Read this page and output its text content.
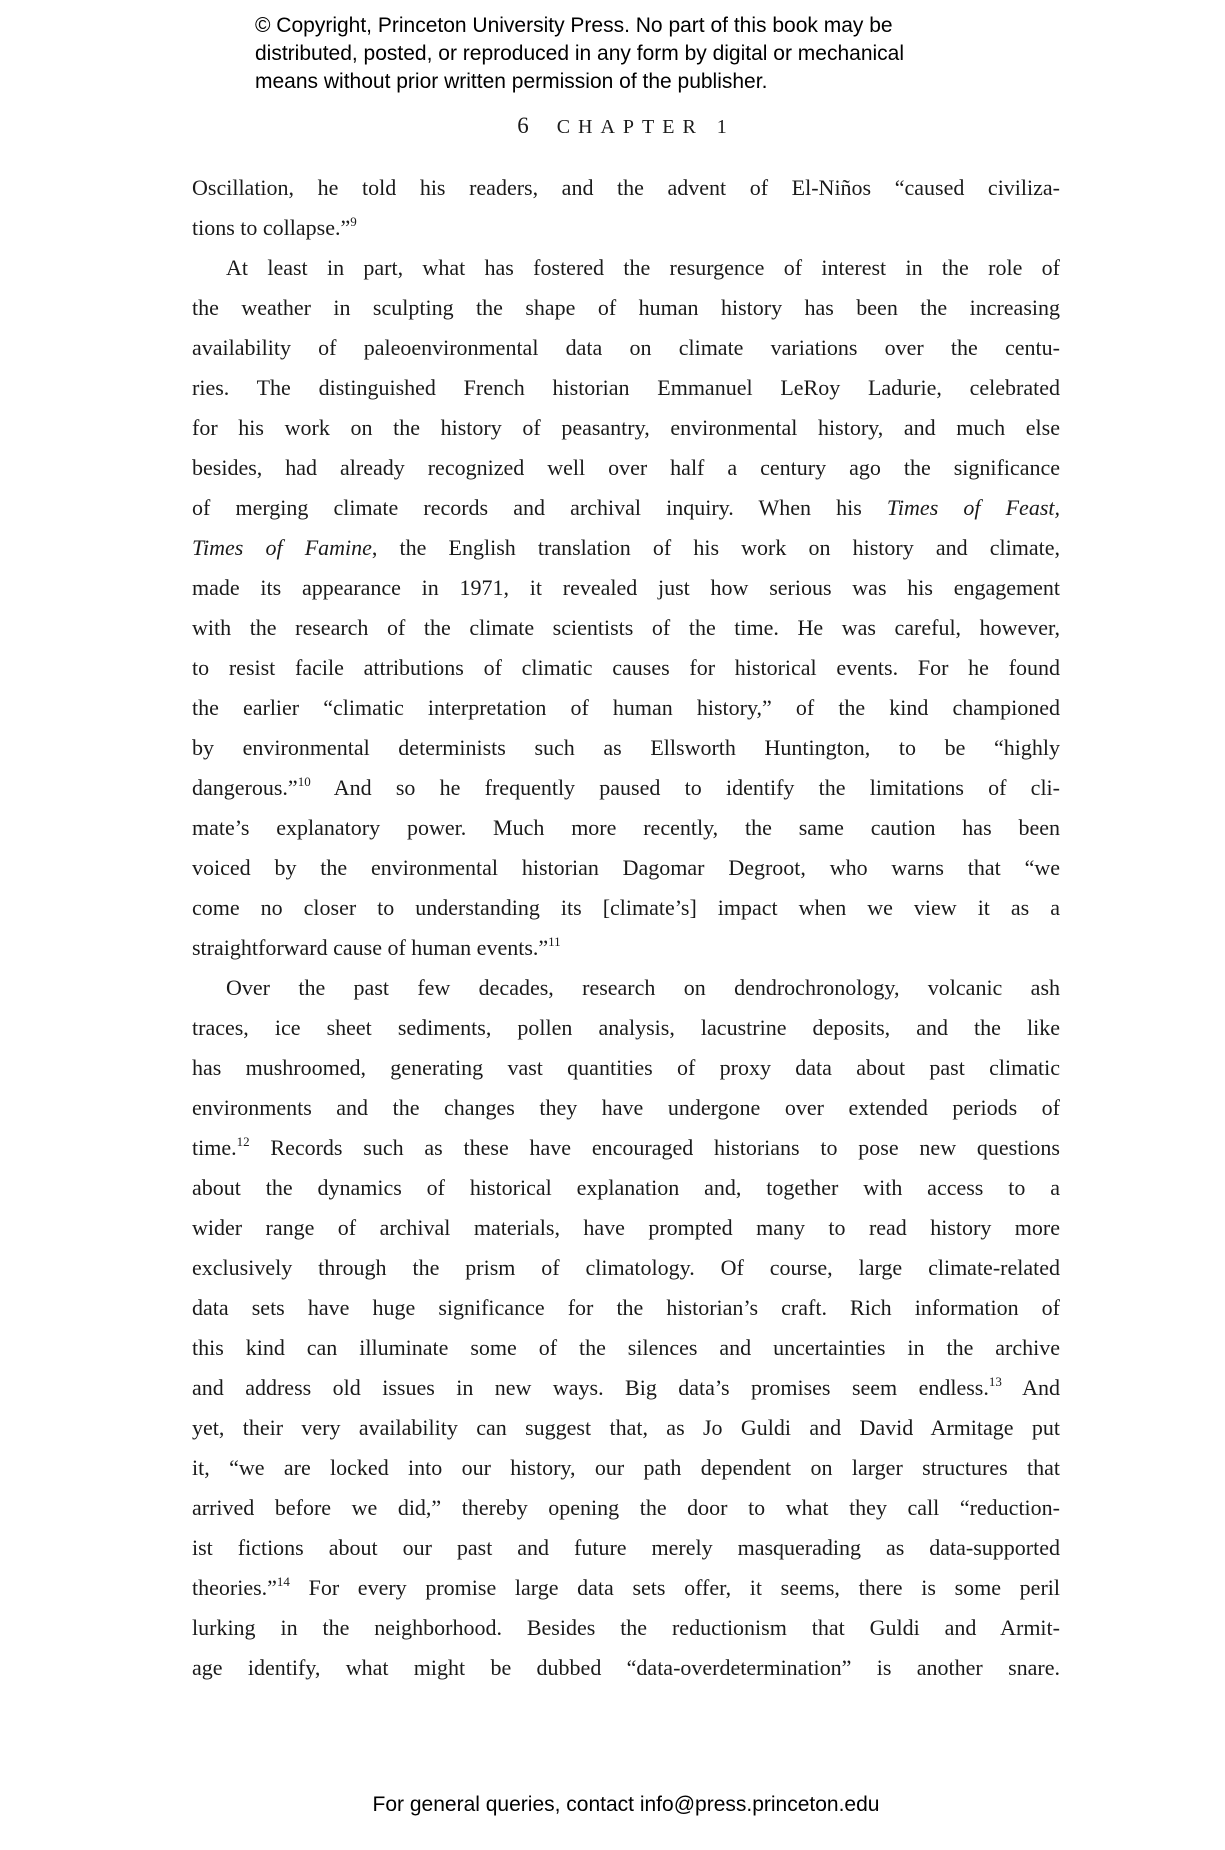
© Copyright, Princeton University Press. No part of this book may be
distributed, posted, or reproduced in any form by digital or mechanical
means without prior written permission of the publisher.
6 CHAPTER 1
Oscillation, he told his readers, and the advent of El-Niños “caused civiliza-
tions to collapse.”$^9$
At least in part, what has fostered the resurgence of interest in the role of
the weather in sculpting the shape of human history has been the increasing
availability of paleoenvironmental data on climate variations over the centu-
ries. The distinguished French historian Emmanuel LeRoy Ladurie, celebrated
for his work on the history of peasantry, environmental history, and much else
besides, had already recognized well over half a century ago the significance
of merging climate records and archival inquiry. When his Times of Feast,
Times of Famine, the English translation of his work on history and climate,
made its appearance in 1971, it revealed just how serious was his engagement
with the research of the climate scientists of the time. He was careful, however,
to resist facile attributions of climatic causes for historical events. For he found
the earlier “climatic interpretation of human history,” of the kind championed
by environmental determinists such as Ellsworth Huntington, to be “highly
dangerous.”$^{10}$ And so he frequently paused to identify the limitations of cli-
mate’s explanatory power. Much more recently, the same caution has been
voiced by the environmental historian Dagomar Degroot, who warns that “we
come no closer to understanding its [climate’s] impact when we view it as a
straightforward cause of human events.”$^{11}$
Over the past few decades, research on dendrochronology, volcanic ash
traces, ice sheet sediments, pollen analysis, lacustrine deposits, and the like
has mushroomed, generating vast quantities of proxy data about past climatic
environments and the changes they have undergone over extended periods of
time.$^{12}$ Records such as these have encouraged historians to pose new questions
about the dynamics of historical explanation and, together with access to a
wider range of archival materials, have prompted many to read history more
exclusively through the prism of climatology. Of course, large climate-related
data sets have huge significance for the historian’s craft. Rich information of
this kind can illuminate some of the silences and uncertainties in the archive
and address old issues in new ways. Big data’s promises seem endless.$^{13}$ And
yet, their very availability can suggest that, as Jo Guldi and David Armitage put
it, “we are locked into our history, our path dependent on larger structures that
arrived before we did,” thereby opening the door to what they call “reduction-
ist fictions about our past and future merely masquerading as data-supported
theories.”$^{14}$ For every promise large data sets offer, it seems, there is some peril
lurking in the neighborhood. Besides the reductionism that Guldi and Armit-
age identify, what might be dubbed “data-overdetermination” is another snare.
For general queries, contact info@press.princeton.edu
